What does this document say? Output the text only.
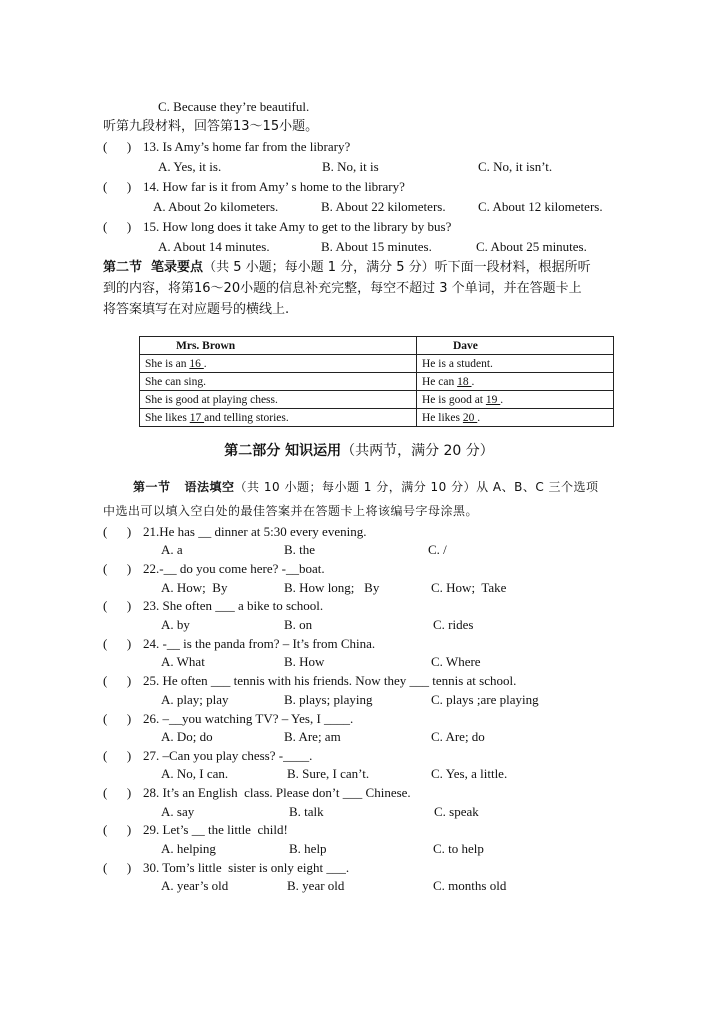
C. Because they’re beautiful.
听第九段材料，回答第13～15小题。
(      ) 13. Is Amy’s home far from the library?
A. Yes, it is.	B. No, it is	C. No, it isn’t.
(      ) 14. How far is it from Amy’ s home to the library?
A. About 2o kilometers.	B. About 22 kilometers. C. About 12 kilometers.
(      ) 15. How long does it take Amy to get to the library by bus?
A. About 14 minutes.	B. About 15 minutes.	C. About 25 minutes.
第二节  笔录要点（共 5 小题；每小题 1 分，满分 5 分）听下面一段材料，根据所听
到的内容，将第16～20小题的信息补充完整，每空不超过 3 个单词，并在答题卡上
将答案填写在对应题号的横线上.
Mrs. Brown	Dave
She is an 16 .	He is a student.
She can sing.	He can 18 .
She is good at playing chess.	He is good at 19 .
She likes 17 and telling stories.	He likes 20 .
第二部分 知识运用（共两节，满分 20 分）
第一节   语法填空（共 10 小题；每小题 1 分，满分 10 分）从 A、B、C 三个选项
中选出可以填入空白处的最佳答案并在答题卡上将该编号字母涂黑。
(      ) 21.He has __ dinner at 5:30 every evening.
A. a	B. the	C. /
(      ) 22.-__ do you come here? -__boat.
A. How;  By	B. How long;   By	C. How;  Take
(      ) 23. She often ___ a bike to school.
A. by	B. on	C. rides
(      ) 24. -__ is the panda from? – It’s from China.
A. What	B. How	C. Where
(      ) 25. He often ___ tennis with his friends. Now they ___ tennis at school.
A. play; play	B. plays; playing	C. plays ;are playing
(      ) 26. –__you watching TV? – Yes, I ____.
A. Do; do	B. Are; am	C. Are; do
(      ) 27. –Can you play chess? -____.
A. No, I can.	B. Sure, I can’t.	C. Yes, a little.
(      ) 28. It’s an English  class. Please don’t ___ Chinese.
A. say	B. talk	C. speak
(      ) 29. Let’s __ the little  child!
A. helping	B. help	C. to help
(      ) 30. Tom’s little  sister is only eight ___.
A. year’s old	B. year old	C. months old
